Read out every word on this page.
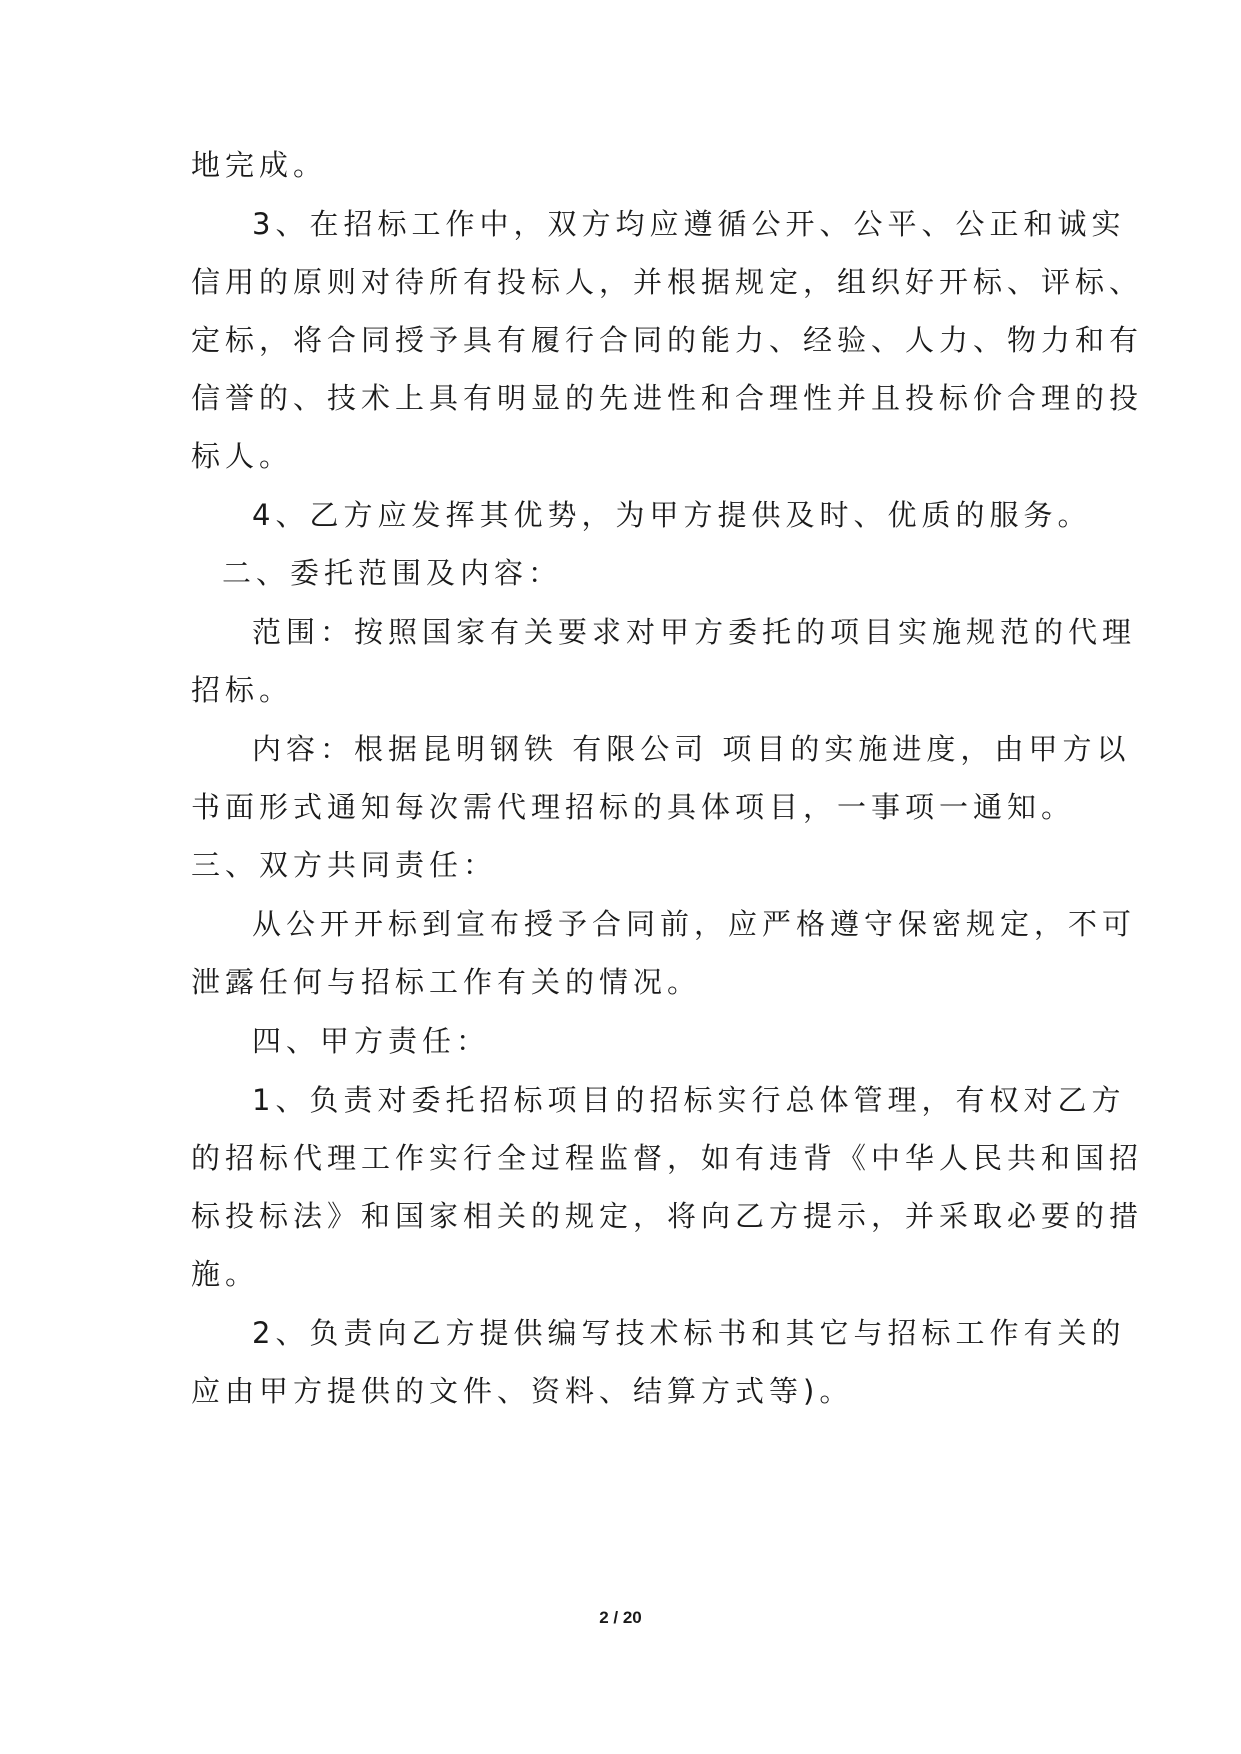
地完成。
3、在招标工作中，双方均应遵循公开、公平、公正和诚实
信用的原则对待所有投标人，并根据规定，组织好开标、评标、
定标，将合同授予具有履行合同的能力、经验、人力、物力和有
信誉的、技术上具有明显的先进性和合理性并且投标价合理的投
标人。
4、乙方应发挥其优势，为甲方提供及时、优质的服务。
二、委托范围及内容：
范围：按照国家有关要求对甲方委托的项目实施规范的代理
招标。
内容：根据昆明钢铁 有限公司 项目的实施进度，由甲方以
书面形式通知每次需代理招标的具体项目，一事项一通知。
三、双方共同责任：
从公开开标到宣布授予合同前，应严格遵守保密规定，不可
泄露任何与招标工作有关的情况。
四、甲方责任：
1、负责对委托招标项目的招标实行总体管理，有权对乙方
的招标代理工作实行全过程监督，如有违背《中华人民共和国招
标投标法》和国家相关的规定，将向乙方提示，并采取必要的措
施。
2、负责向乙方提供编写技术标书和其它与招标工作有关的
应由甲方提供的文件、资料、结算方式等)。
2 / 20
